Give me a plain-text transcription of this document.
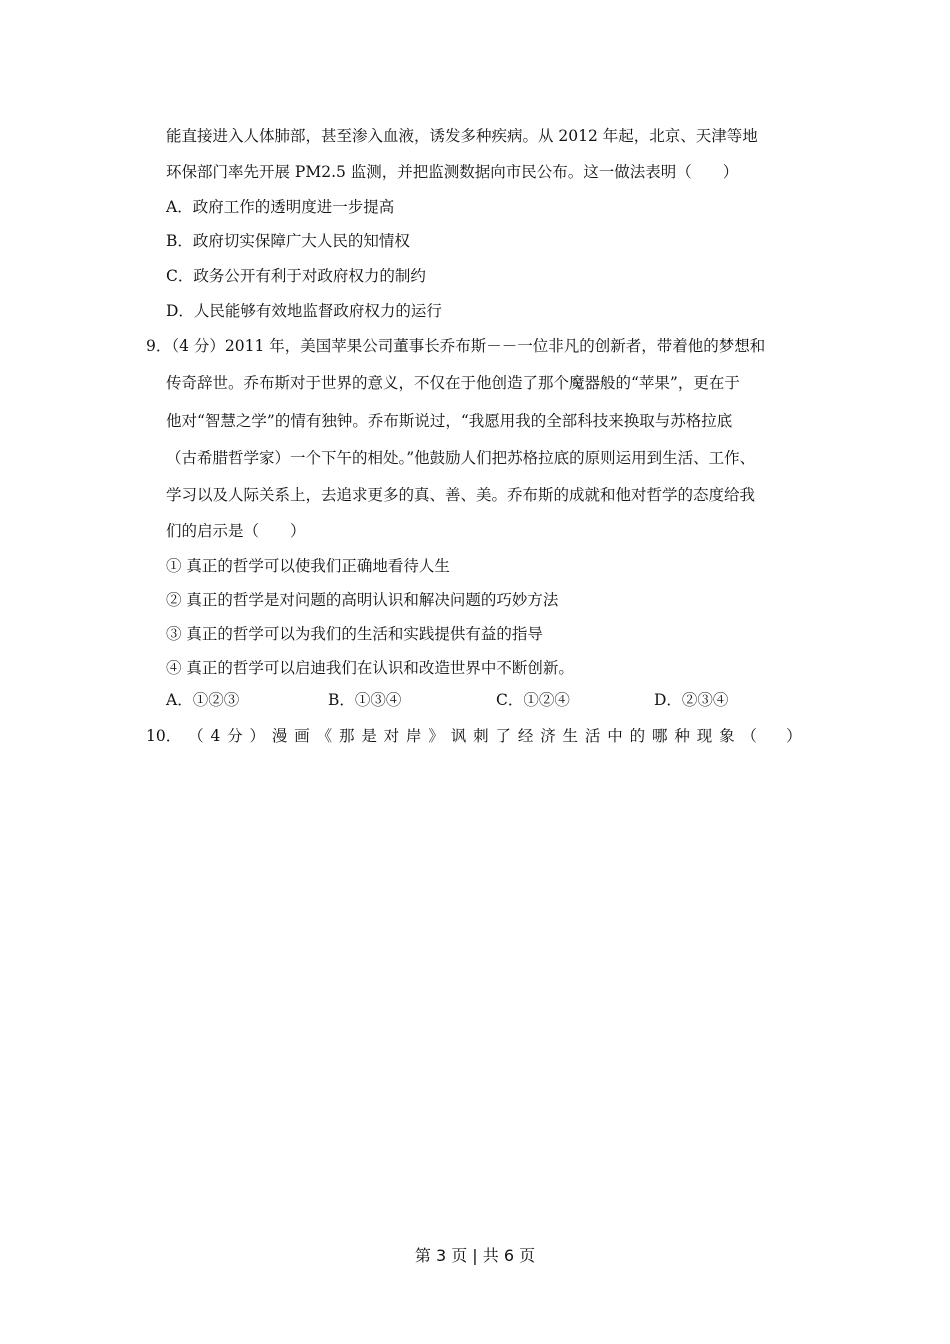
能直接进入人体肺部，甚至渗入血液，诱发多种疾病。从 2012 年起，北京、天津等地
环保部门率先开展 PM2.5 监测，并把监测数据向市民公布。这一做法表明（　　）
A．政府工作的透明度进一步提高
B．政府切实保障广大人民的知情权
C．政务公开有利于对政府权力的制约
D．人民能够有效地监督政府权力的运行
9．（4 分）2011 年，美国苹果公司董事长乔布斯－－一位非凡的创新者，带着他的梦想和
传奇辞世。乔布斯对于世界的意义，不仅在于他创造了那个魔器般的“苹果”，更在于
他对“智慧之学”的情有独钟。乔布斯说过，“我愿用我的全部科技来换取与苏格拉底
（古希腊哲学家）一个下午的相处。”他鼓励人们把苏格拉底的原则运用到生活、工作、
学习以及人际关系上，去追求更多的真、善、美。乔布斯的成就和他对哲学的态度给我
们的启示是（　　）
① 真正的哲学可以使我们正确地看待人生
② 真正的哲学是对问题的高明认识和解决问题的巧妙方法
③ 真正的哲学可以为我们的生活和实践提供有益的指导
④ 真正的哲学可以启迪我们在认识和改造世界中不断创新。
A．①②③	B．①③④	C．①②④	D．②③④
10． （ 4 分 ） 漫 画 《 那 是 对 岸 》 讽 刺 了 经 济 生 活 中 的 哪 种 现 象 （
　 ）
第 3 页 | 共 6 页
